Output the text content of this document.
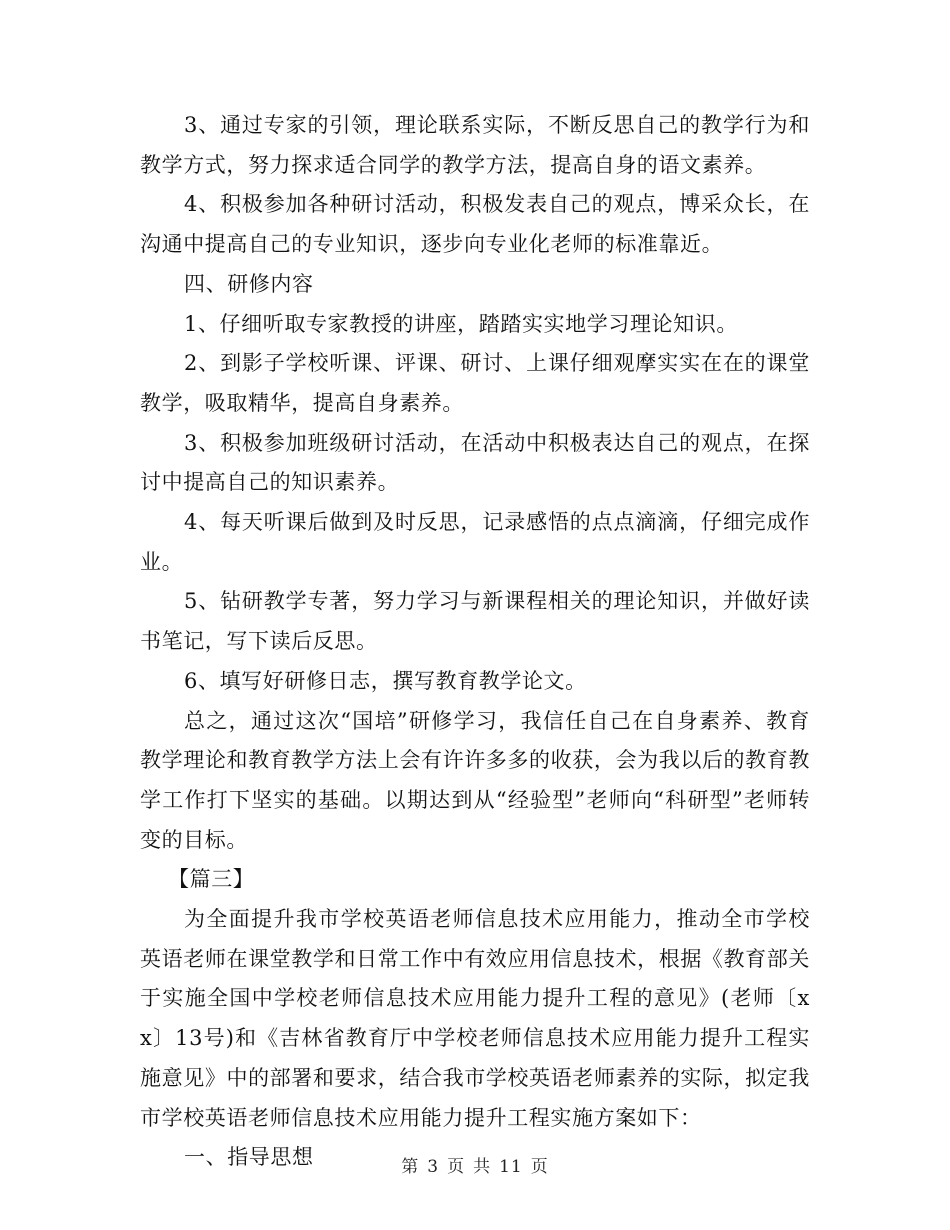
3、通过专家的引领，理论联系实际，不断反思自己的教学行为和教学方式，努力探求适合同学的教学方法，提高自身的语文素养。

4、积极参加各种研讨活动，积极发表自己的观点，博采众长，在沟通中提高自己的专业知识，逐步向专业化老师的标准靠近。

四、研修内容

1、仔细听取专家教授的讲座，踏踏实实地学习理论知识。

2、到影子学校听课、评课、研讨、上课仔细观摩实实在在的课堂教学，吸取精华，提高自身素养。

3、积极参加班级研讨活动，在活动中积极表达自己的观点，在探讨中提高自己的知识素养。

4、每天听课后做到及时反思，记录感悟的点点滴滴，仔细完成作业。

5、钻研教学专著，努力学习与新课程相关的理论知识，并做好读书笔记，写下读后反思。

6、填写好研修日志，撰写教育教学论文。

总之，通过这次“国培”研修学习，我信任自己在自身素养、教育教学理论和教育教学方法上会有许许多多的收获，会为我以后的教育教学工作打下坚实的基础。以期达到从“经验型”老师向“科研型”老师转变的目标。

【篇三】

为全面提升我市学校英语老师信息技术应用能力，推动全市学校英语老师在课堂教学和日常工作中有效应用信息技术，根据《教育部关于实施全国中学校老师信息技术应用能力提升工程的意见》(老师〔xx〕13号)和《吉林省教育厅中学校老师信息技术应用能力提升工程实施意见》中的部署和要求，结合我市学校英语老师素养的实际，拟定我市学校英语老师信息技术应用能力提升工程实施方案如下：

一、指导思想	第 3 页 共 11 页
